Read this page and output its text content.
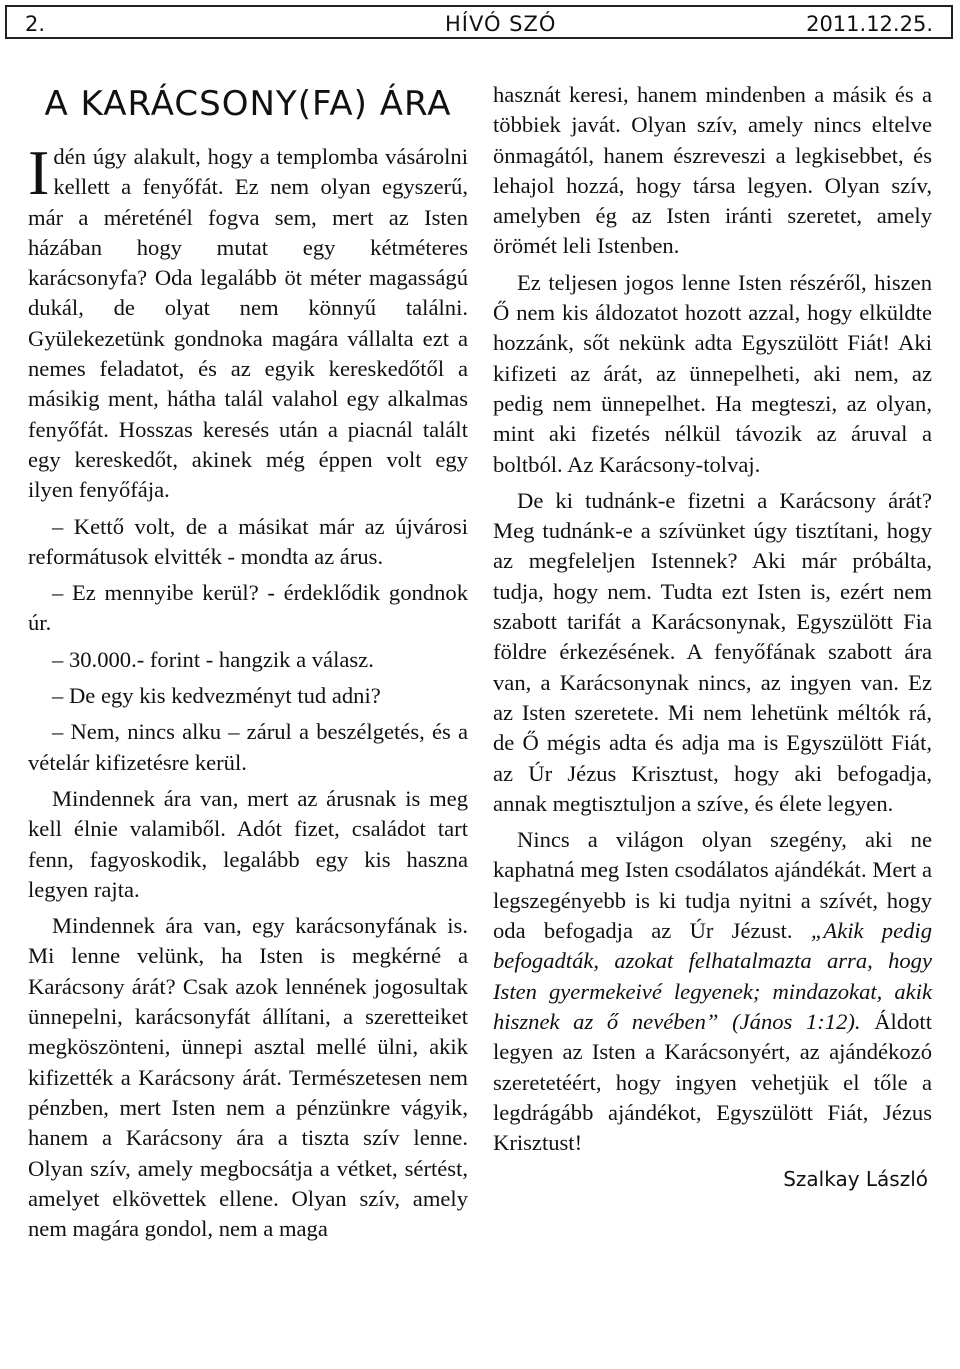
2.	HÍVÓ SZÓ	2011.12.25.
A KARÁCSONY(FA) ÁRA

Idén úgy alakult, hogy a templomba vásárolni kellett a fenyőfát. Ez nem olyan egyszerű, már a méreténél fogva sem, mert az Isten házában hogy mutat egy kétméteres karácsonyfa? Oda legalább öt méter magasságú dukál, de olyat nem könnyű találni. Gyülekezetünk gondnoka magára vállalta ezt a nemes feladatot, és az egyik kereskedőtől a másikig ment, hátha talál valahol egy alkalmas fenyőfát. Hosszas keresés után a piacnál talált egy kereskedőt, akinek még éppen volt egy ilyen fenyőfája.

– Kettő volt, de a másikat már az újvárosi reformátusok elvitték - mondta az árus.

– Ez mennyibe kerül? - érdeklődik gondnok úr.

– 30.000.- forint - hangzik a válasz.

– De egy kis kedvezményt tud adni?

– Nem, nincs alku – zárul a beszélgetés, és a vételár kifizetésre kerül.

Mindennek ára van, mert az árusnak is meg kell élnie valamiből. Adót fizet, családot tart fenn, fagyoskodik, legalább egy kis haszna legyen rajta.

Mindennek ára van, egy karácsonyfának is. Mi lenne velünk, ha Isten is megkérné a Karácsony árát? Csak azok lennének jogosultak ünnepelni, karácsonyfát állítani, a szeretteiket megköszönteni, ünnepi asztal mellé ülni, akik kifizették a Karácsony árát. Természetesen nem pénzben, mert Isten nem a pénzünkre vágyik, hanem a Karácsony ára a tiszta szív lenne. Olyan szív, amely megbocsátja a vétket, sértést, amelyet elkövettek ellene. Olyan szív, amely nem magára gondol, nem a maga

hasznát keresi, hanem mindenben a másik és a többiek javát. Olyan szív, amely nincs eltelve önmagától, hanem észreveszi a legkisebbet, és lehajol hozzá, hogy társa legyen. Olyan szív, amelyben ég az Isten iránti szeretet, amely örömét leli Istenben.

Ez teljesen jogos lenne Isten részéről, hiszen Ő nem kis áldozatot hozott azzal, hogy elküldte hozzánk, sőt nekünk adta Egyszülött Fiát! Aki kifizeti az árát, az ünnepelheti, aki nem, az pedig nem ünnepelhet. Ha megteszi, az olyan, mint aki fizetés nélkül távozik az áruval a boltból. Az Karácsony-tolvaj.

De ki tudnánk-e fizetni a Karácsony árát? Meg tudnánk-e a szívünket úgy tisztítani, hogy az megfeleljen Istennek? Aki már próbálta, tudja, hogy nem. Tudta ezt Isten is, ezért nem szabott tarifát a Karácsonynak, Egyszülött Fia földre érkezésének. A fenyőfának szabott ára van, a Karácsonynak nincs, az ingyen van. Ez az Isten szeretete. Mi nem lehetünk méltók rá, de Ő mégis adta és adja ma is Egyszülött Fiát, az Úr Jézus Krisztust, hogy aki befogadja, annak megtisztuljon a szíve, és élete legyen.

Nincs a világon olyan szegény, aki ne kaphatná meg Isten csodálatos ajándékát. Mert a legszegényebb is ki tudja nyitni a szívét, hogy oda befogadja az Úr Jézust. „Akik pedig befogadták, azokat felhatalmazta arra, hogy Isten gyermekeivé legyenek; mindazokat, akik hisznek az ő nevében” (János 1:12). Áldott legyen az Isten a Karácsonyért, az ajándékozó szeretetéért, hogy ingyen vehetjük el tőle a legdrágább ajándékot, Egyszülött Fiát, Jézus Krisztust!

Szalkay László
